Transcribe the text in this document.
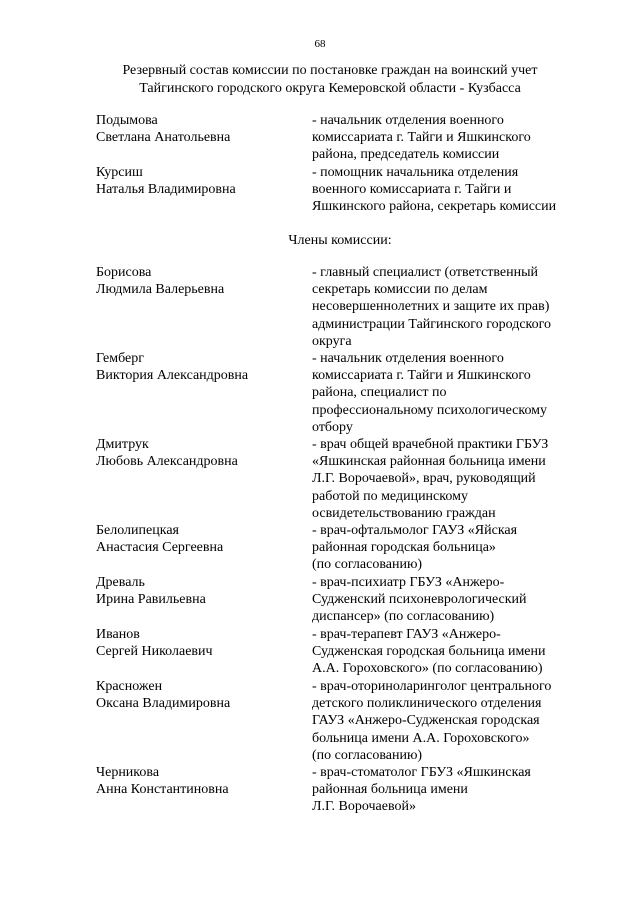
68
Резервный состав комиссии по постановке граждан на воинский учет
Тайгинского городского округа Кемеровской области - Кузбасса
Подымова
Светлана Анатольевна
- начальник отделения военного
комиссариата г. Тайги и Яшкинского
района, председатель комиссии
Курсиш
Наталья Владимировна
- помощник начальника отделения
военного комиссариата г. Тайги и
Яшкинского района, секретарь комиссии
Члены комиссии:
Борисова
Людмила Валерьевна
- главный специалист (ответственный
секретарь комиссии по делам
несовершеннолетних и защите их прав)
администрации Тайгинского городского
округа
Гемберг
Виктория Александровна
- начальник отделения военного
комиссариата г. Тайги и Яшкинского
района, специалист по
профессиональному психологическому
отбору
Дмитрук
Любовь Александровна
- врач общей врачебной практики ГБУЗ
«Яшкинская районная больница имени
Л.Г. Ворочаевой», врач, руководящий
работой по медицинскому
освидетельствованию граждан
Белолипецкая
Анастасия Сергеевна
- врач-офтальмолог ГАУЗ «Яйская
районная городская больница»
(по согласованию)
Древаль
Ирина Равильевна
- врач-психиатр ГБУЗ «Анжеро-
Судженский психоневрологический
диспансер» (по согласованию)
Иванов
Сергей Николаевич
- врач-терапевт ГАУЗ «Анжеро-
Судженская городская больница имени
А.А. Гороховского» (по согласованию)
Красножен
Оксана Владимировна
- врач-оториноларинголог центрального
детского поликлинического отделения
ГАУЗ «Анжеро-Судженская городская
больница имени А.А. Гороховского»
(по согласованию)
Черникова
Анна Константиновна
- врач-стоматолог ГБУЗ «Яшкинская
районная больница имени
Л.Г. Ворочаевой»
